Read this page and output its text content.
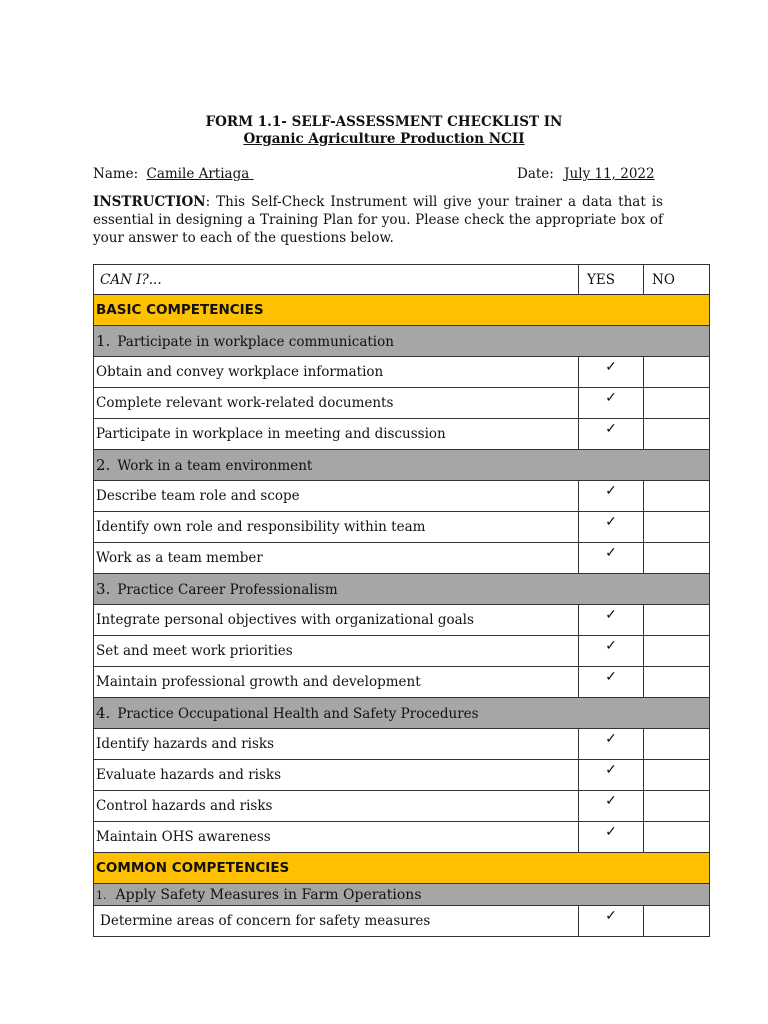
FORM 1.1- SELF-ASSESSMENT CHECKLIST IN
Organic Agriculture Production NCII
Name: Camile Artiaga	Date: July 11, 2022
INSTRUCTION: This Self-Check Instrument will give your trainer a data that is essential in designing a Training Plan for you. Please check the appropriate box of your answer to each of the questions below.
CAN I?...	YES	NO
BASIC COMPETENCIES		
1. Participate in workplace communication		
Obtain and convey workplace information	✓	
Complete relevant work-related documents	✓	
Participate in workplace in meeting and discussion	✓	
2. Work in a team environment		
Describe team role and scope	✓	
Identify own role and responsibility within team	✓	
Work as a team member	✓	
3. Practice Career Professionalism		
Integrate personal objectives with organizational goals	✓	
Set and meet work priorities	✓	
Maintain professional growth and development	✓	
4. Practice Occupational Health and Safety Procedures		
Identify hazards and risks	✓	
Evaluate hazards and risks	✓	
Control hazards and risks	✓	
Maintain OHS awareness	✓	
COMMON COMPETENCIES		
1. Apply Safety Measures in Farm Operations		
Determine areas of concern for safety measures	✓	
